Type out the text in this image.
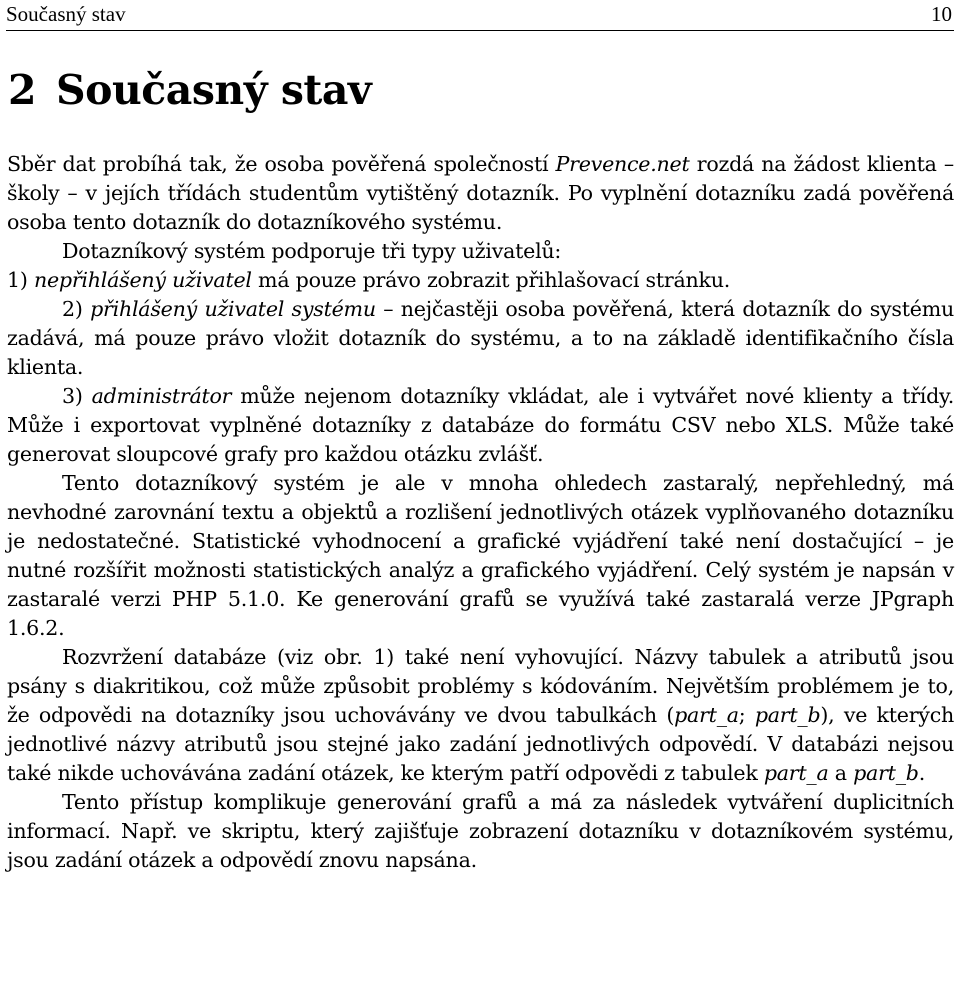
Současný stav	10
2 Současný stav

Sběr dat probíhá tak, že osoba pověřená společností Prevence.net rozdá na žádost klienta – školy – v jejích třídách studentům vytištěný dotazník. Po vyplnění dotazníku zadá pověřená osoba tento dotazník do dotazníkového systému.

Dotazníkový systém podporuje tři typy uživatelů:

1) nepřihlášený uživatel má pouze právo zobrazit přihlašovací stránku.

2) přihlášený uživatel systému – nejčastěji osoba pověřená, která dotazník do systému zadává, má pouze právo vložit dotazník do systému, a to na základě identifikačního čísla klienta.

3) administrátor může nejenom dotazníky vkládat, ale i vytvářet nové klienty a třídy. Může i exportovat vyplněné dotazníky z databáze do formátu CSV nebo XLS. Může také generovat sloupcové grafy pro každou otázku zvlášť.

Tento dotazníkový systém je ale v mnoha ohledech zastaralý, nepřehledný, má nevhodné zarovnání textu a objektů a rozlišení jednotlivých otázek vyplňovaného dotazníku je nedostatečné. Statistické vyhodnocení a grafické vyjádření také není dostačující – je nutné rozšířit možnosti statistických analýz a grafického vyjádření. Celý systém je napsán v zastaralé verzi PHP 5.1.0. Ke generování grafů se využívá také zastaralá verze JPgraph 1.6.2.

Rozvržení databáze (viz obr. 1) také není vyhovující. Názvy tabulek a atributů jsou psány s diakritikou, což může způsobit problémy s kódováním. Největším problémem je to, že odpovědi na dotazníky jsou uchovávány ve dvou tabulkách (part_a; part_b), ve kterých jednotlivé názvy atributů jsou stejné jako zadání jednotlivých odpovědí. V databázi nejsou také nikde uchovávána zadání otázek, ke kterým patří odpovědi z tabulek part_a a part_b.

Tento přístup komplikuje generování grafů a má za následek vytváření duplicitních informací. Např. ve skriptu, který zajišťuje zobrazení dotazníku v dotazníkovém systému, jsou zadání otázek a odpovědí znovu napsána.
